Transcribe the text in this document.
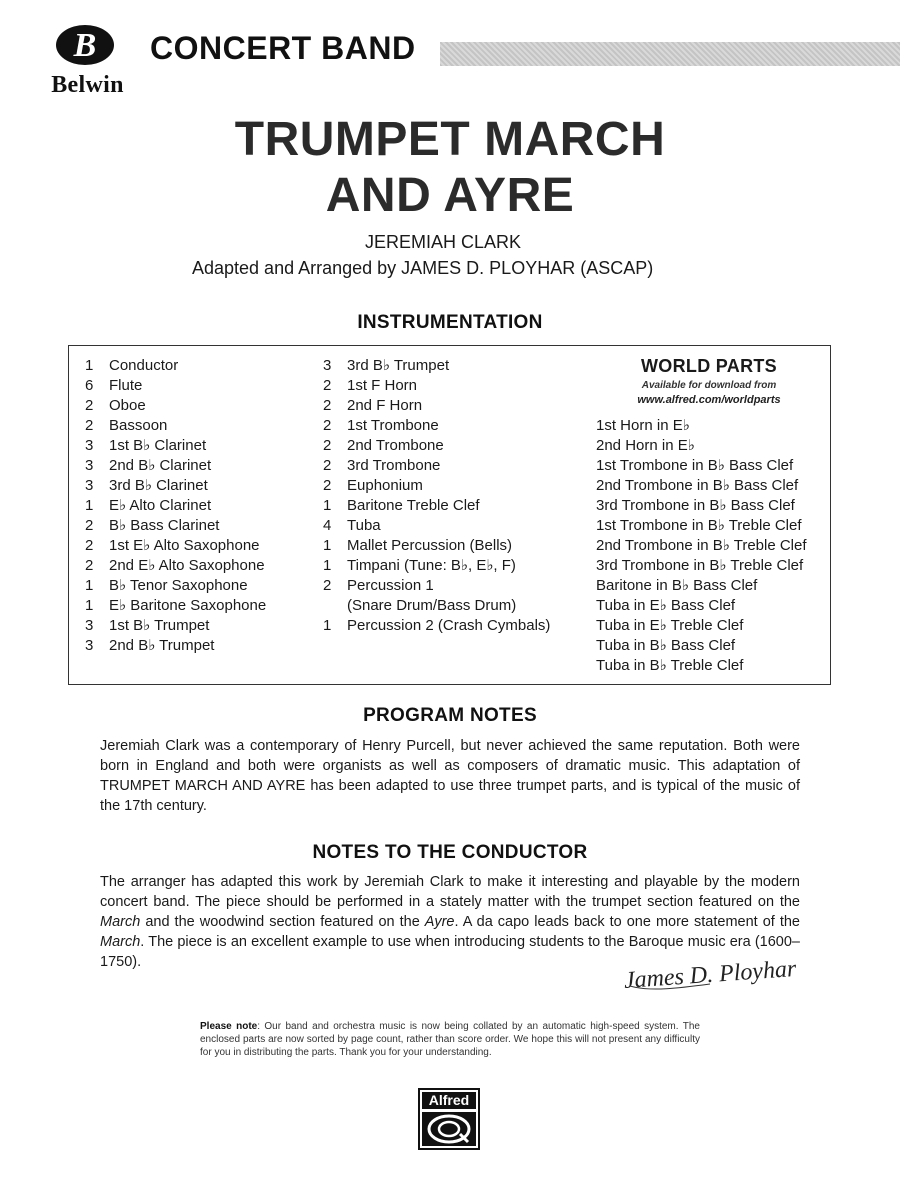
B
Belwin
CONCERT BAND
TRUMPET MARCH
AND AYRE
JEREMIAH CLARK
Adapted and Arranged by JAMES D. PLOYHAR (ASCAP)
INSTRUMENTATION
1 Conductor
6 Flute
2 Oboe
2 Bassoon
3 1st B♭ Clarinet
3 2nd B♭ Clarinet
3 3rd B♭ Clarinet
1 E♭ Alto Clarinet
2 B♭ Bass Clarinet
2 1st E♭ Alto Saxophone
2 2nd E♭ Alto Saxophone
1 B♭ Tenor Saxophone
1 E♭ Baritone Saxophone
3 1st B♭ Trumpet
3 2nd B♭ Trumpet
3 3rd B♭ Trumpet
2 1st F Horn
2 2nd F Horn
2 1st Trombone
2 2nd Trombone
2 3rd Trombone
2 Euphonium
1 Baritone Treble Clef
4 Tuba
1 Mallet Percussion (Bells)
1 Timpani (Tune: B♭, E♭, F)
2 Percussion 1
(Snare Drum/Bass Drum)
1 Percussion 2 (Crash Cymbals)
WORLD PARTS
Available for download from
www.alfred.com/worldparts
1st Horn in E♭
2nd Horn in E♭
1st Trombone in B♭ Bass Clef
2nd Trombone in B♭ Bass Clef
3rd Trombone in B♭ Bass Clef
1st Trombone in B♭ Treble Clef
2nd Trombone in B♭ Treble Clef
3rd Trombone in B♭ Treble Clef
Baritone in B♭ Bass Clef
Tuba in E♭ Bass Clef
Tuba in E♭ Treble Clef
Tuba in B♭ Bass Clef
Tuba in B♭ Treble Clef
PROGRAM NOTES
Jeremiah Clark was a contemporary of Henry Purcell, but never achieved the same reputation. Both were born in England and both were organists as well as composers of dramatic music. This adaptation of TRUMPET MARCH AND AYRE has been adapted to use three trumpet parts, and is typical of the music of the 17th century.
NOTES TO THE CONDUCTOR
The arranger has adapted this work by Jeremiah Clark to make it interesting and playable by the modern concert band. The piece should be performed in a stately matter with the trumpet section featured on the March and the woodwind section featured on the Ayre. A da capo leads back to one more statement of the March. The piece is an excellent example to use when introducing students to the Baroque music era (1600–1750).	James D. Ployhar
Please note: Our band and orchestra music is now being collated by an automatic high-speed system. The enclosed parts are now sorted by page count, rather than score order. We hope this will not present any difficulty for you in distributing the parts. Thank you for your understanding.
Alfred
